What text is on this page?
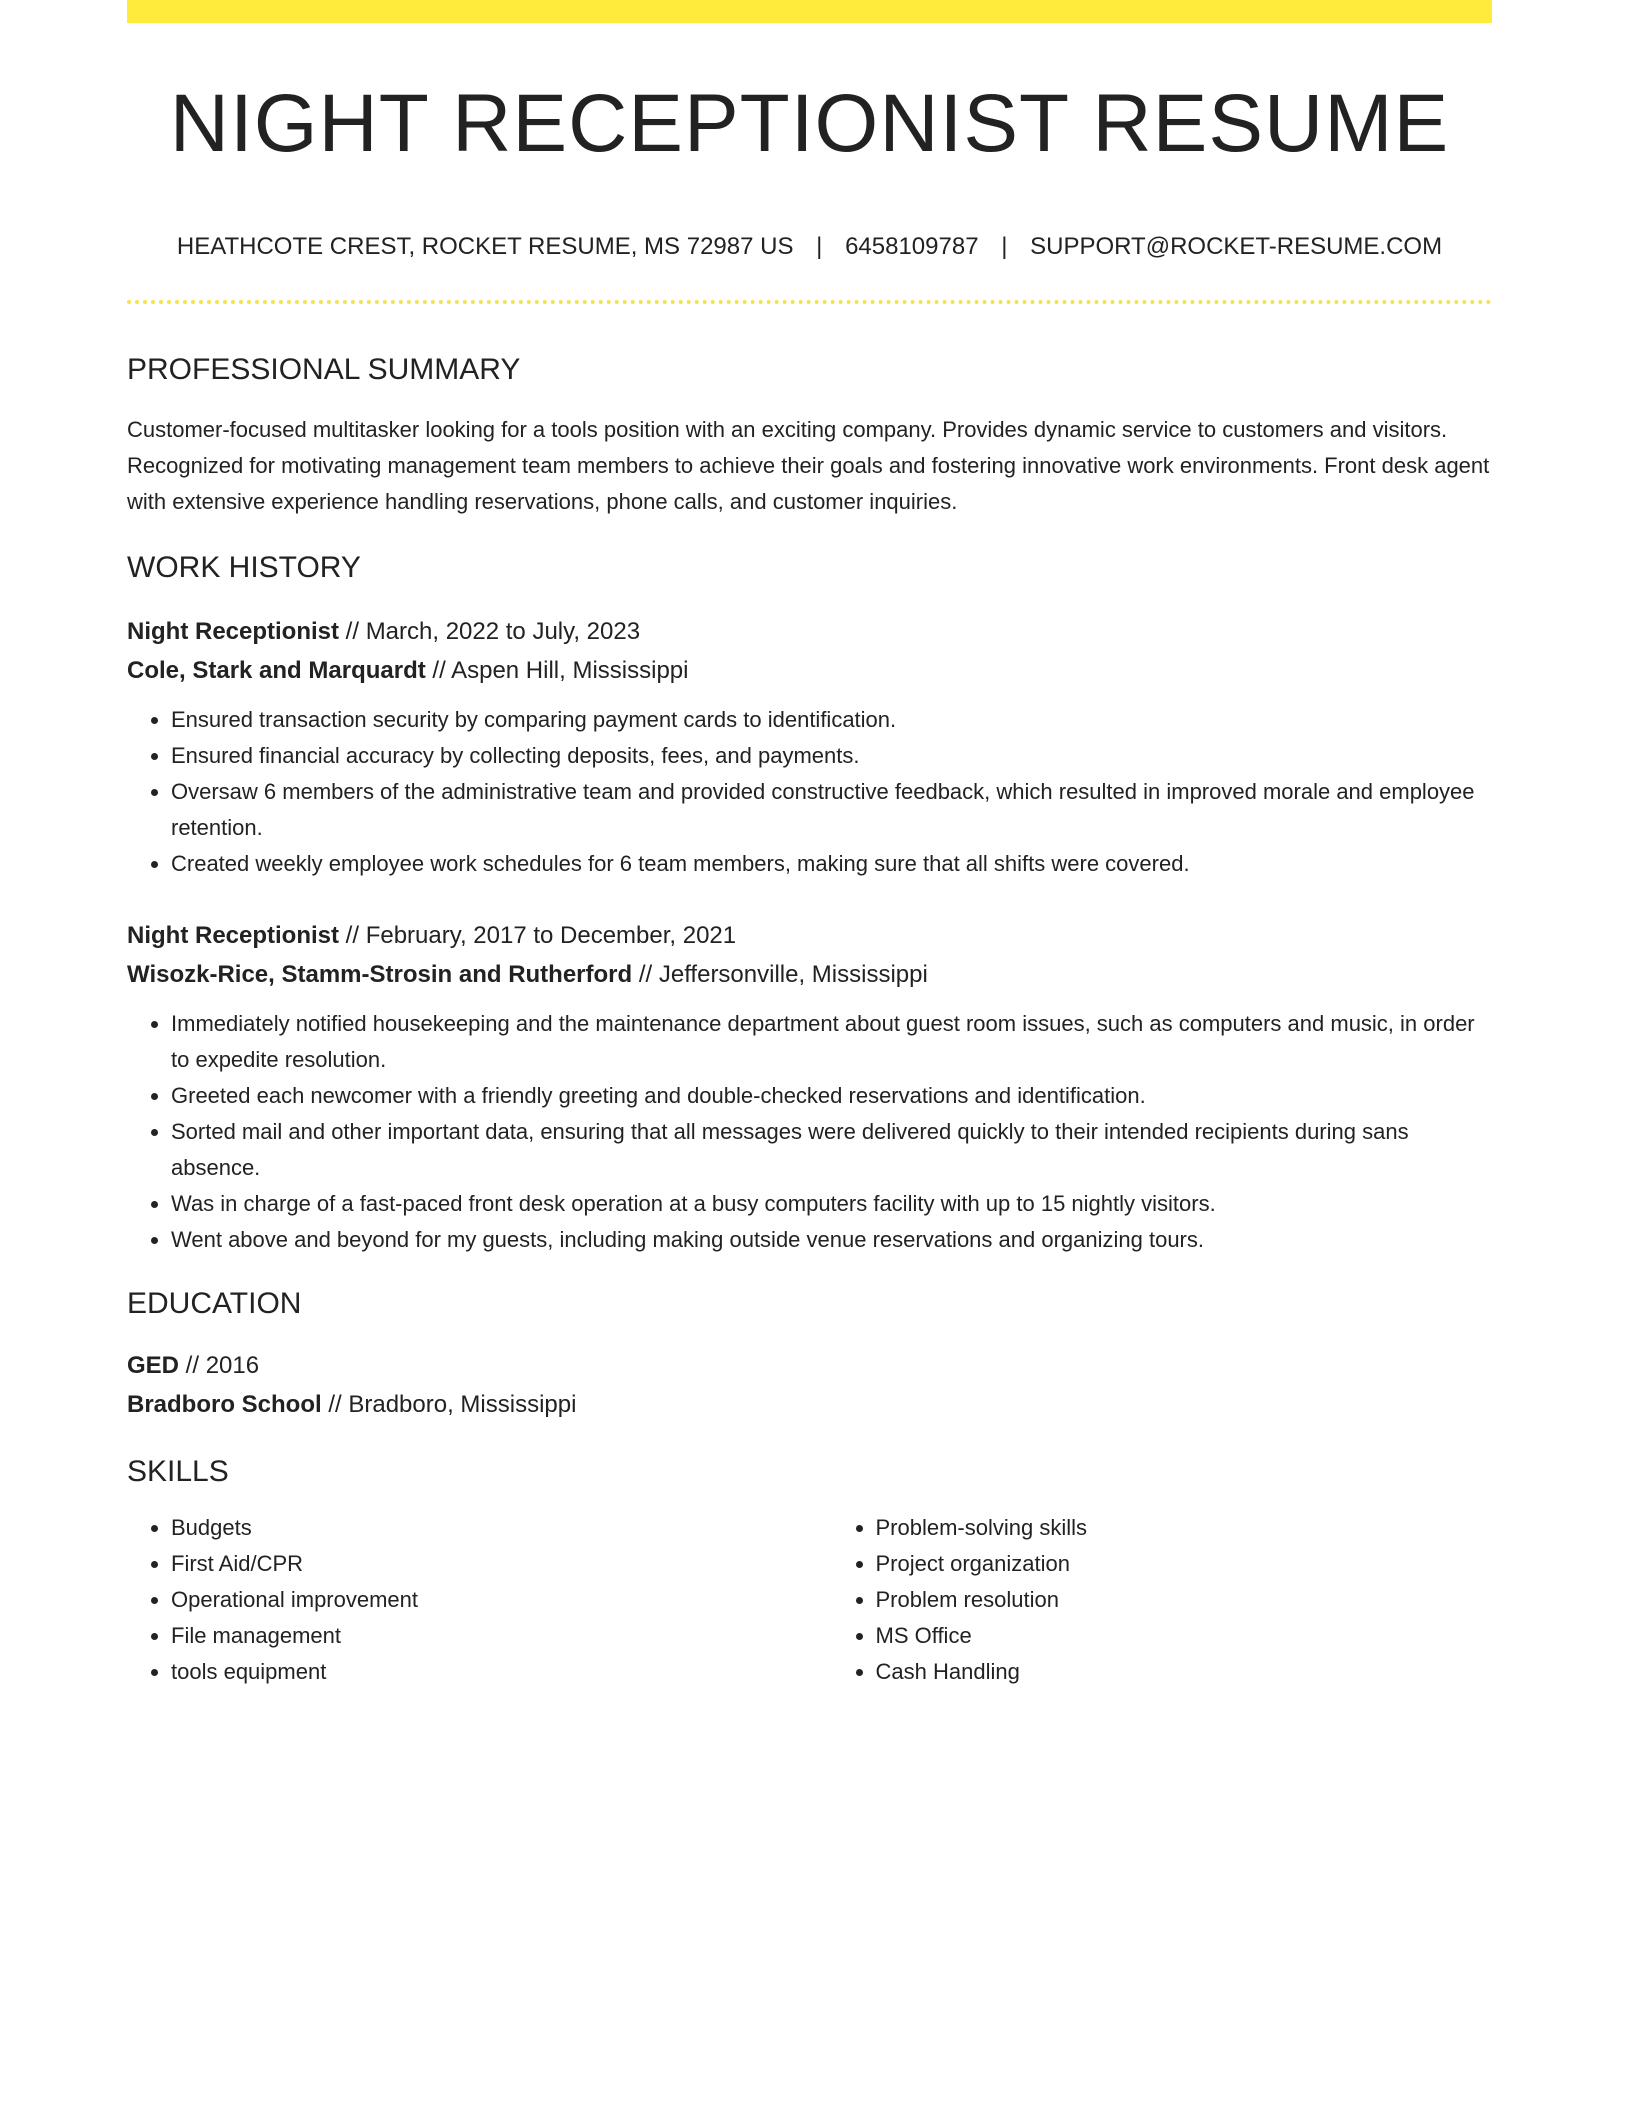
NIGHT RECEPTIONIST RESUME
HEATHCOTE CREST, ROCKET RESUME, MS 72987 US | 6458109787 | SUPPORT@ROCKET-RESUME.COM
PROFESSIONAL SUMMARY
Customer-focused multitasker looking for a tools position with an exciting company. Provides dynamic service to customers and visitors. Recognized for motivating management team members to achieve their goals and fostering innovative work environments. Front desk agent with extensive experience handling reservations, phone calls, and customer inquiries.
WORK HISTORY
Night Receptionist // March, 2022 to July, 2023
Cole, Stark and Marquardt // Aspen Hill, Mississippi
• Ensured transaction security by comparing payment cards to identification.
• Ensured financial accuracy by collecting deposits, fees, and payments.
• Oversaw 6 members of the administrative team and provided constructive feedback, which resulted in improved morale and employee retention.
• Created weekly employee work schedules for 6 team members, making sure that all shifts were covered.
Night Receptionist // February, 2017 to December, 2021
Wisozk-Rice, Stamm-Strosin and Rutherford // Jeffersonville, Mississippi
• Immediately notified housekeeping and the maintenance department about guest room issues, such as computers and music, in order to expedite resolution.
• Greeted each newcomer with a friendly greeting and double-checked reservations and identification.
• Sorted mail and other important data, ensuring that all messages were delivered quickly to their intended recipients during sans absence.
• Was in charge of a fast-paced front desk operation at a busy computers facility with up to 15 nightly visitors.
• Went above and beyond for my guests, including making outside venue reservations and organizing tours.
EDUCATION
GED // 2016
Bradboro School // Bradboro, Mississippi
SKILLS
• Budgets
• First Aid/CPR
• Operational improvement
• File management
• tools equipment
• Problem-solving skills
• Project organization
• Problem resolution
• MS Office
• Cash Handling
